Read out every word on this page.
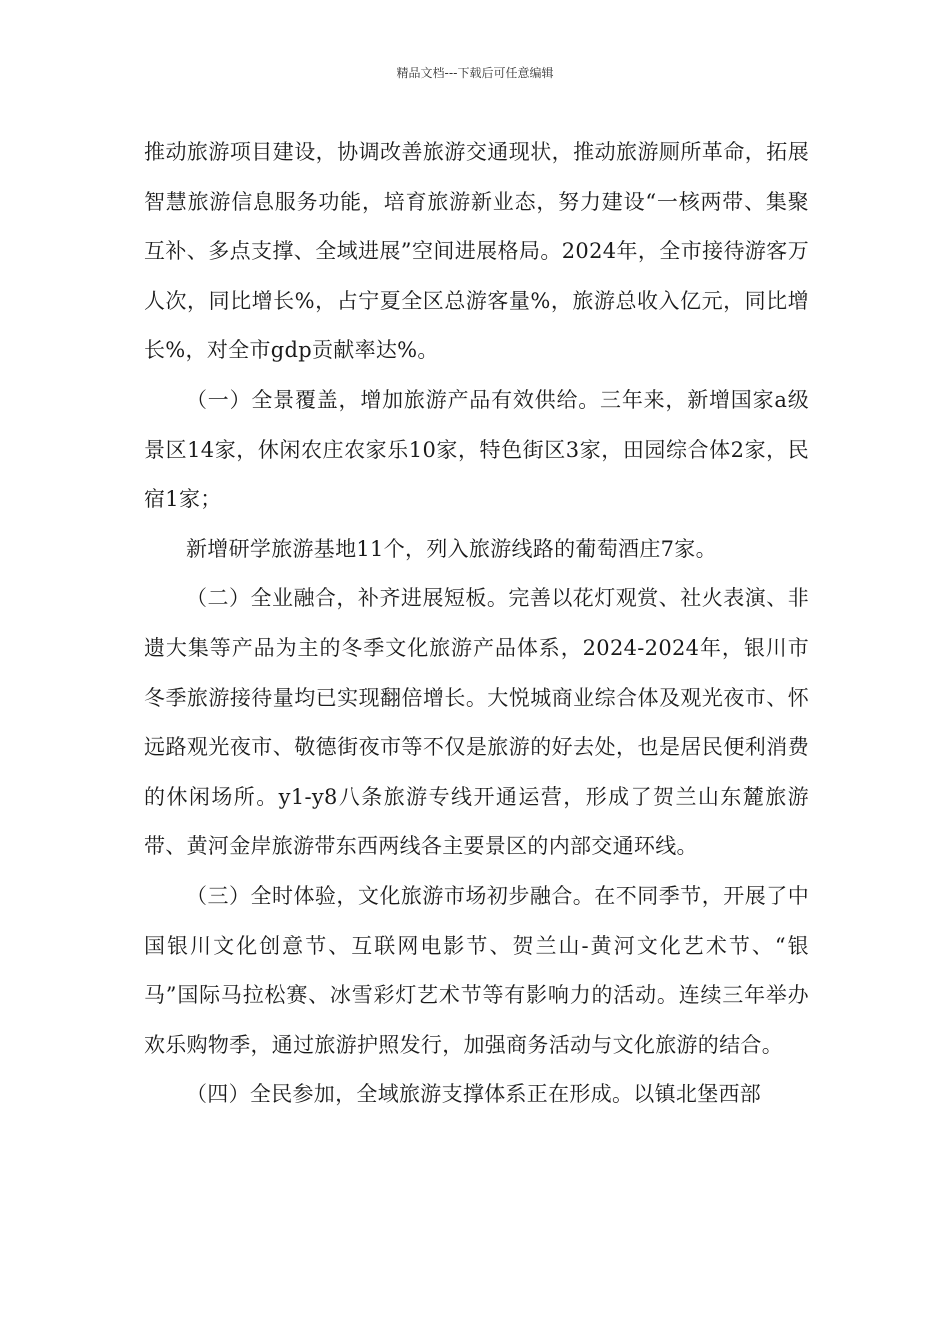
精品文档---下载后可任意编辑

推动旅游项目建设，协调改善旅游交通现状，推动旅游厕所革命，拓展智慧旅游信息服务功能，培育旅游新业态，努力建设“一核两带、集聚互补、多点支撑、全域进展”空间进展格局。2024年，全市接待游客万人次，同比增长%，占宁夏全区总游客量%，旅游总收入亿元，同比增长%，对全市gdp贡献率达%。

（一）全景覆盖，增加旅游产品有效供给。三年来，新增国家a级景区14家，休闲农庄农家乐10家，特色街区3家，田园综合体2家，民宿1家；

新增研学旅游基地11个，列入旅游线路的葡萄酒庄7家。

（二）全业融合，补齐进展短板。完善以花灯观赏、社火表演、非遗大集等产品为主的冬季文化旅游产品体系，2024-2024年，银川市冬季旅游接待量均已实现翻倍增长。大悦城商业综合体及观光夜市、怀远路观光夜市、敬德街夜市等不仅是旅游的好去处，也是居民便利消费的休闲场所。y1-y8八条旅游专线开通运营，形成了贺兰山东麓旅游带、黄河金岸旅游带东西两线各主要景区的内部交通环线。

（三）全时体验，文化旅游市场初步融合。在不同季节，开展了中国银川文化创意节、互联网电影节、贺兰山-黄河文化艺术节、“银马”国际马拉松赛、冰雪彩灯艺术节等有影响力的活动。连续三年举办欢乐购物季，通过旅游护照发行，加强商务活动与文化旅游的结合。

（四）全民参加，全域旅游支撑体系正在形成。以镇北堡西部
